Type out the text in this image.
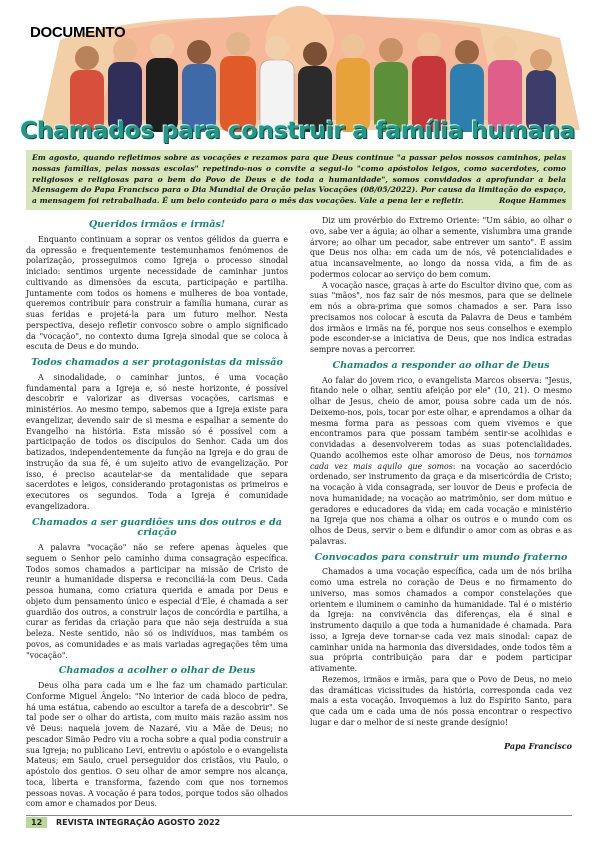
DOCUMENTO
Chamados para construir a família humana
Em agosto, quando refletimos sobre as vocações e rezamos para que Deus continue "a passar pelos nossos caminhos, pelas nossas famílias, pelas nossas escolas" repetindo-nos o convite a segui-lo "como apóstolos leigos, como sacerdotes, como religiosos e religiosas para o bem do Povo de Deus e de toda a humanidade", somos convidados a aprofundar a bela Mensagem do Papa Francisco para o Dia Mundial de Oração pelas Vocações (08/05/2022). Por causa da limitação do espaço, a mensagem foi retrabalhada. É um belo conteúdo para o mês das vocações. Vale a pena ler e refletir.	Roque Hammes
Queridos irmãos e irmãs!

Enquanto continuam a soprar os ventos gélidos da guerra e da opressão e frequentemente testemunhamos fenómenos de polarização, prosseguimos como Igreja o processo sinodal iniciado: sentimos urgente necessidade de caminhar juntos cultivando as dimensões da escuta, participação e partilha. Juntamente com todos os homens e mulheres de boa vontade, queremos contribuir para construir a família humana, curar as suas feridas e projetá-la para um futuro melhor. Nesta perspectiva, desejo refletir convosco sobre o amplo significado da "vocação", no contexto duma Igreja sinodal que se coloca à escuta de Deus e do mundo.

Todos chamados a ser protagonistas da missão

A sinodalidade, o caminhar juntos, é uma vocação fundamental para a Igreja e, só neste horizonte, é possível descobrir e valorizar as diversas vocações, carismas e ministérios. Ao mesmo tempo, sabemos que a Igreja existe para evangelizar, devendo sair de si mesma e espalhar a semente do Evangelho na história. Esta missão só é possível com a participação de todos os discípulos do Senhor. Cada um dos batizados, independentemente da função na Igreja e do grau de instrução da sua fé, é um sujeito ativo de evangelização. Por isso, é preciso acautelar-se da mentalidade que separa sacerdotes e leigos, considerando protagonistas os primeiros e executores os segundos. Toda a Igreja é comunidade evangelizadora.

Chamados a ser guardiões uns dos outros e da criação

A palavra "vocação" não se refere apenas àqueles que seguem o Senhor pelo caminho duma consagração específica. Todos somos chamados a participar na missão de Cristo de reunir a humanidade dispersa e reconciliá-la com Deus. Cada pessoa humana, como criatura querida e amada por Deus e objeto dum pensamento único e especial d'Ele, é chamada a ser guardião dos outros, a construir laços de concórdia e partilha, a curar as feridas da criação para que não seja destruída a sua beleza. Neste sentido, não só os indivíduos, mas também os povos, as comunidades e as mais variadas agregações têm uma "vocação".

Chamados a acolher o olhar de Deus

Deus olha para cada um e lhe faz um chamado particular. Conforme Miguel Ângelo: "No interior de cada bloco de pedra, há uma estátua, cabendo ao escultor a tarefa de a descobrir". Se tal pode ser o olhar do artista, com muito mais razão assim nos vê Deus: naquela jovem de Nazaré, viu a Mãe de Deus; no pescador Simão Pedro viu a rocha sobre a qual podia construir a sua Igreja; no publicano Levi, entreviu o apóstolo e o evangelista Mateus; em Saulo, cruel perseguidor dos cristãos, viu Paulo, o apóstolo dos gentios. O seu olhar de amor sempre nos alcança, toca, liberta e transforma, fazendo com que nos tornemos pessoas novas. A vocação é para todos, porque todos são olhados com amor e chamados por Deus.

Diz um provérbio do Extremo Oriente: "Um sábio, ao olhar o ovo, sabe ver a águia; ao olhar a semente, vislumbra uma grande árvore; ao olhar um pecador, sabe entrever um santo". É assim que Deus nos olha: em cada um de nós, vê potencialidades e atua incansavelmente, ao longo da nossa vida, a fim de as podermos colocar ao serviço do bem comum.

A vocação nasce, graças à arte do Escultor divino que, com as suas "mãos", nos faz sair de nós mesmos, para que se delineie em nós a obra-prima que somos chamados a ser. Para isso precisamos nos colocar à escuta da Palavra de Deus e também dos irmãos e irmãs na fé, porque nos seus conselhos e exemplo pode esconder-se a iniciativa de Deus, que nos indica estradas sempre novas a percorrer.

Chamados a responder ao olhar de Deus

Ao falar do jovem rico, o evangelista Marcos observa: "Jesus, fitando nele o olhar, sentiu afeição por ele" (10, 21). O mesmo olhar de Jesus, cheio de amor, pousa sobre cada um de nós. Deixemo-nos, pois, tocar por este olhar, e aprendamos a olhar da mesma forma para as pessoas com quem vivemos e que encontramos para que possam também sentir-se acolhidas e convidadas a desenvolverem todas as suas potencialidades. Quando acolhemos este olhar amoroso de Deus, nos tornamos cada vez mais aquilo que somos: na vocação ao sacerdócio ordenado, ser instrumento da graça e da misericórdia de Cristo; na vocação à vida consagrada, ser louvor de Deus e profecia de nova humanidade; na vocação ao matrimônio, ser dom mútuo e geradores e educadores da vida; em cada vocação e ministério na Igreja que nos chama a olhar os outros e o mundo com os olhos de Deus, servir o bem e difundir o amor com as obras e as palavras.

Convocados para construir um mundo fraterno

Chamados a uma vocação específica, cada um de nós brilha como uma estrela no coração de Deus e no firmamento do universo, mas somos chamados a compor constelações que orientem e iluminem o caminho da humanidade. Tal é o mistério da Igreja: na convivência das diferenças, ela é sinal e instrumento daquilo a que toda a humanidade é chamada. Para isso, a Igreja deve tornar-se cada vez mais sinodal: capaz de caminhar unida na harmonia das diversidades, onde todos têm a sua própria contribuição para dar e podem participar ativamente.

Rezemos, irmãos e irmãs, para que o Povo de Deus, no meio das dramáticas vicissitudes da história, corresponda cada vez mais a esta vocação. Invoquemos a luz do Espírito Santo, para que cada um e cada uma de nós possa encontrar o respectivo lugar e dar o melhor de si neste grande desígnio!

Papa Francisco
12 REVISTA INTEGRAÇÃO AGOSTO 2022
